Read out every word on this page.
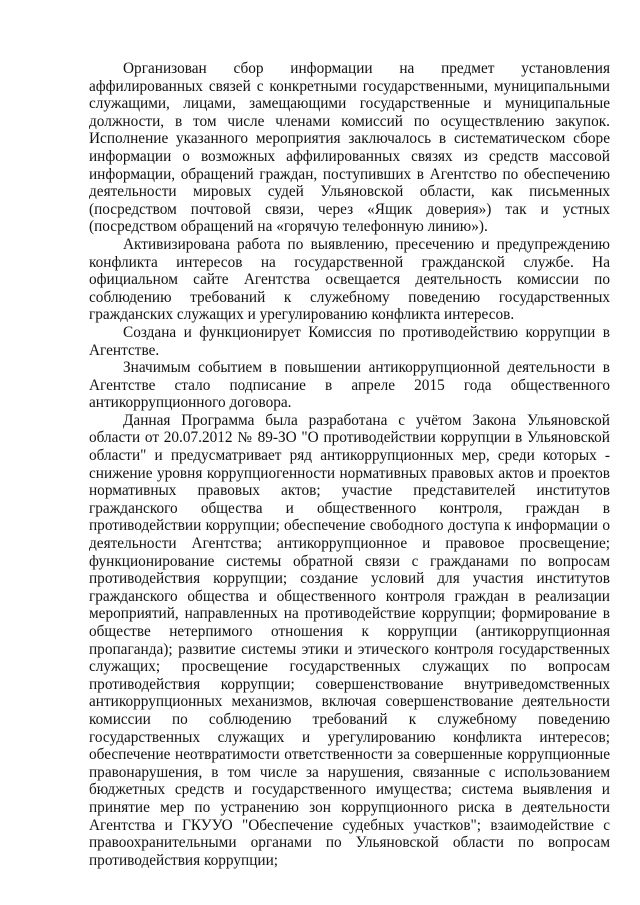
Организован сбор информации на предмет установления аффилированных связей с конкретными государственными, муниципальными служащими, лицами, замещающими государственные и муниципальные должности, в том числе членами комиссий по осуществлению закупок. Исполнение указанного мероприятия заключалось в систематическом сборе информации о возможных аффилированных связях из средств массовой информации, обращений граждан, поступивших в Агентство по обеспечению деятельности мировых судей Ульяновской области, как письменных (посредством почтовой связи, через «Ящик доверия») так и устных (посредством обращений на «горячую телефонную линию»).

Активизирована работа по выявлению, пресечению и предупреждению конфликта интересов на государственной гражданской службе. На официальном сайте Агентства освещается деятельность комиссии по соблюдению требований к служебному поведению государственных гражданских служащих и урегулированию конфликта интересов.

Создана и функционирует Комиссия по противодействию коррупции в Агентстве.

Значимым событием в повышении антикоррупционной деятельности в Агентстве стало подписание в апреле 2015 года общественного антикоррупционного договора.

Данная Программа была разработана с учётом Закона Ульяновской области от 20.07.2012 № 89-ЗО "О противодействии коррупции в Ульяновской области" и предусматривает ряд антикоррупционных мер, среди которых - снижение уровня коррупциогенности нормативных правовых актов и проектов нормативных правовых актов; участие представителей институтов гражданского общества и общественного контроля, граждан в противодействии коррупции; обеспечение свободного доступа к информации о деятельности Агентства; антикоррупционное и правовое просвещение; функционирование системы обратной связи с гражданами по вопросам противодействия коррупции; создание условий для участия институтов гражданского общества и общественного контроля граждан в реализации мероприятий, направленных на противодействие коррупции; формирование в обществе нетерпимого отношения к коррупции (антикоррупционная пропаганда); развитие системы этики и этического контроля государственных служащих; просвещение государственных служащих по вопросам противодействия коррупции; совершенствование внутриведомственных антикоррупционных механизмов, включая совершенствование деятельности комиссии по соблюдению требований к служебному поведению государственных служащих и урегулированию конфликта интересов; обеспечение неотвратимости ответственности за совершенные коррупционные правонарушения, в том числе за нарушения, связанные с использованием бюджетных средств и государственного имущества; система выявления и принятие мер по устранению зон коррупционного риска в деятельности Агентства и ГКУУО "Обеспечение судебных участков"; взаимодействие с правоохранительными органами по Ульяновской области по вопросам противодействия коррупции;
